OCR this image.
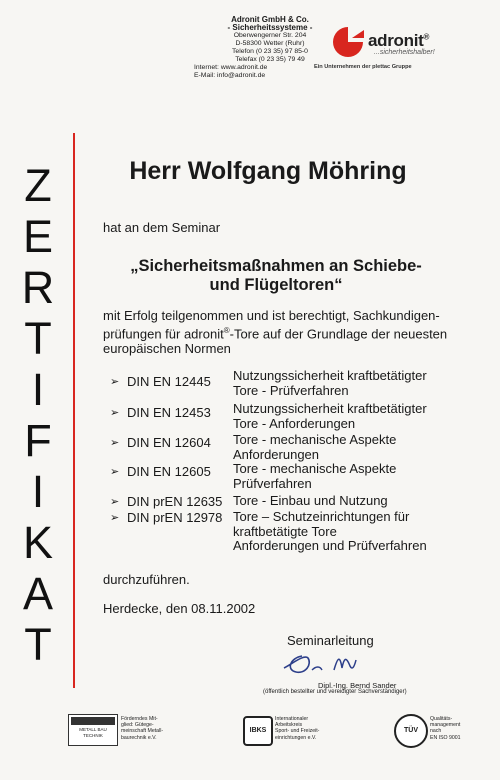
Adronit GmbH & Co.
- Sicherheitssysteme -
Oberwengerner Str. 204
D-58300 Wetter (Ruhr)
Telefon (0 23 35) 97 85-0
Telefax (0 23 35) 79 49
Internet: www.adronit.de
E-Mail: info@adronit.de
adronit®
...sicherheitshalber!
Ein Unternehmen der plettac Gruppe
Z
E
R
T
I
F
I
K
A
T
Herr Wolfgang Möhring
hat an dem Seminar
„Sicherheitsmaßnahmen an Schiebe-
und Flügeltoren“
mit Erfolg teilgenommen und ist berechtigt, Sachkundigen-
prüfungen für adronit®-Tore auf der Grundlage der neuesten
europäischen Normen
➢ DIN EN 12445 Nutzungssicherheit kraftbetätigter
Tore - Prüfverfahren
➢ DIN EN 12453 Nutzungssicherheit kraftbetätigter
Tore - Anforderungen
➢ DIN EN 12604 Tore - mechanische Aspekte
Anforderungen
➢ DIN EN 12605 Tore - mechanische Aspekte
Prüfverfahren
➢ DIN prEN 12635 Tore - Einbau und Nutzung
➢ DIN prEN 12978 Tore – Schutzeinrichtungen für
kraftbetätigte Tore
Anforderungen und Prüfverfahren
durchzuführen.
Herdecke, den 08.11.2002
Seminarleitung
Dipl.-Ing. Bernd Sander
(öffentlich bestellter und vereidigter Sachverständiger)
METALL BAU TECHNIK
Förderndes Mit-
glied: Gütege-
meinschaft Metall-
baurechnik e.V.
IBKS
Internationaler
Arbeitskreis
Sport- und Freizeit-
einrichtungen e.V.
TÜV
Qualitäts-
management
nach
EN ISO 9001
